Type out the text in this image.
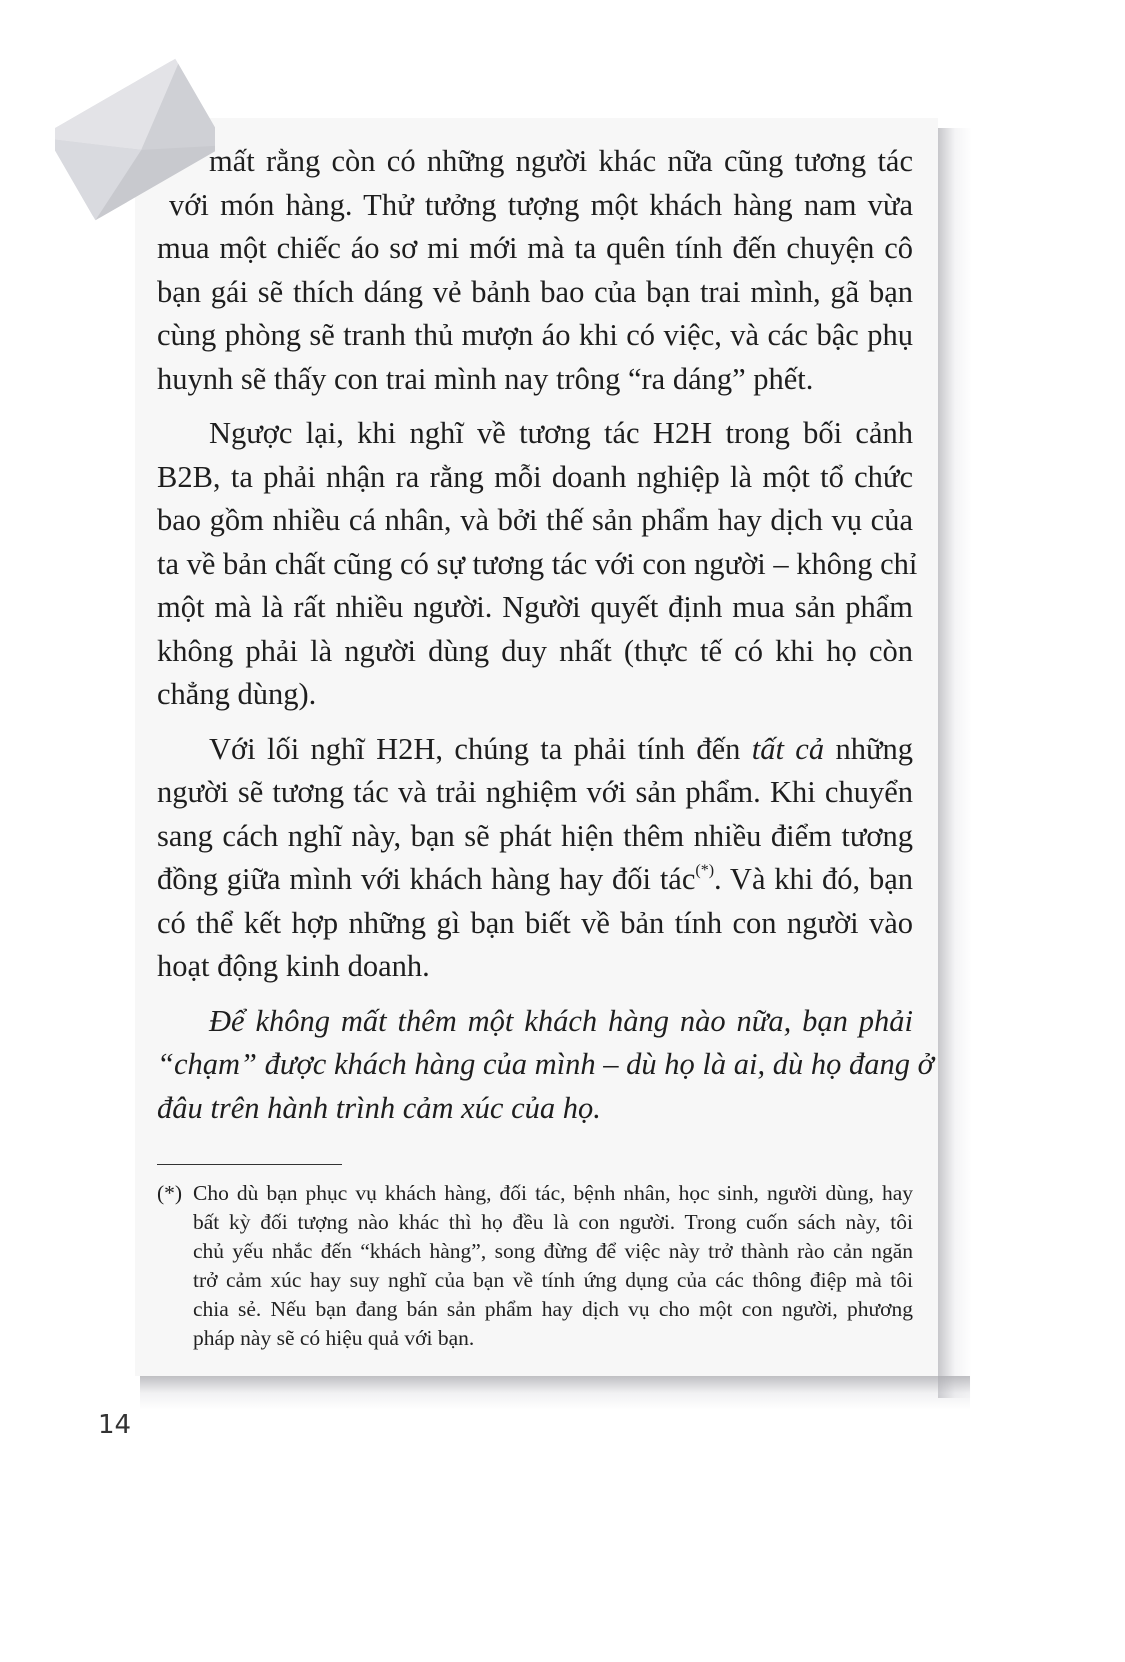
mất rằng còn có những người khác nữa cũng tương tác
với món hàng. Thử tưởng tượng một khách hàng nam vừa
mua một chiếc áo sơ mi mới mà ta quên tính đến chuyện cô
bạn gái sẽ thích dáng vẻ bảnh bao của bạn trai mình, gã bạn
cùng phòng sẽ tranh thủ mượn áo khi có việc, và các bậc phụ
huynh sẽ thấy con trai mình nay trông “ra dáng” phết.

Ngược lại, khi nghĩ về tương tác H2H trong bối cảnh
B2B, ta phải nhận ra rằng mỗi doanh nghiệp là một tổ chức
bao gồm nhiều cá nhân, và bởi thế sản phẩm hay dịch vụ của
ta về bản chất cũng có sự tương tác với con người – không chỉ
một mà là rất nhiều người. Người quyết định mua sản phẩm
không phải là người dùng duy nhất (thực tế có khi họ còn
chẳng dùng).

Với lối nghĩ H2H, chúng ta phải tính đến tất cả những
người sẽ tương tác và trải nghiệm với sản phẩm. Khi chuyển
sang cách nghĩ này, bạn sẽ phát hiện thêm nhiều điểm tương
đồng giữa mình với khách hàng hay đối tác(*). Và khi đó, bạn
có thể kết hợp những gì bạn biết về bản tính con người vào
hoạt động kinh doanh.

Để không mất thêm một khách hàng nào nữa, bạn phải
“chạm” được khách hàng của mình – dù họ là ai, dù họ đang ở
đâu trên hành trình cảm xúc của họ.

(*) Cho dù bạn phục vụ khách hàng, đối tác, bệnh nhân, học sinh, người dùng, hay
bất kỳ đối tượng nào khác thì họ đều là con người. Trong cuốn sách này, tôi
chủ yếu nhắc đến “khách hàng”, song đừng để việc này trở thành rào cản ngăn
trở cảm xúc hay suy nghĩ của bạn về tính ứng dụng của các thông điệp mà tôi
chia sẻ. Nếu bạn đang bán sản phẩm hay dịch vụ cho một con người, phương
pháp này sẽ có hiệu quả với bạn.
14
